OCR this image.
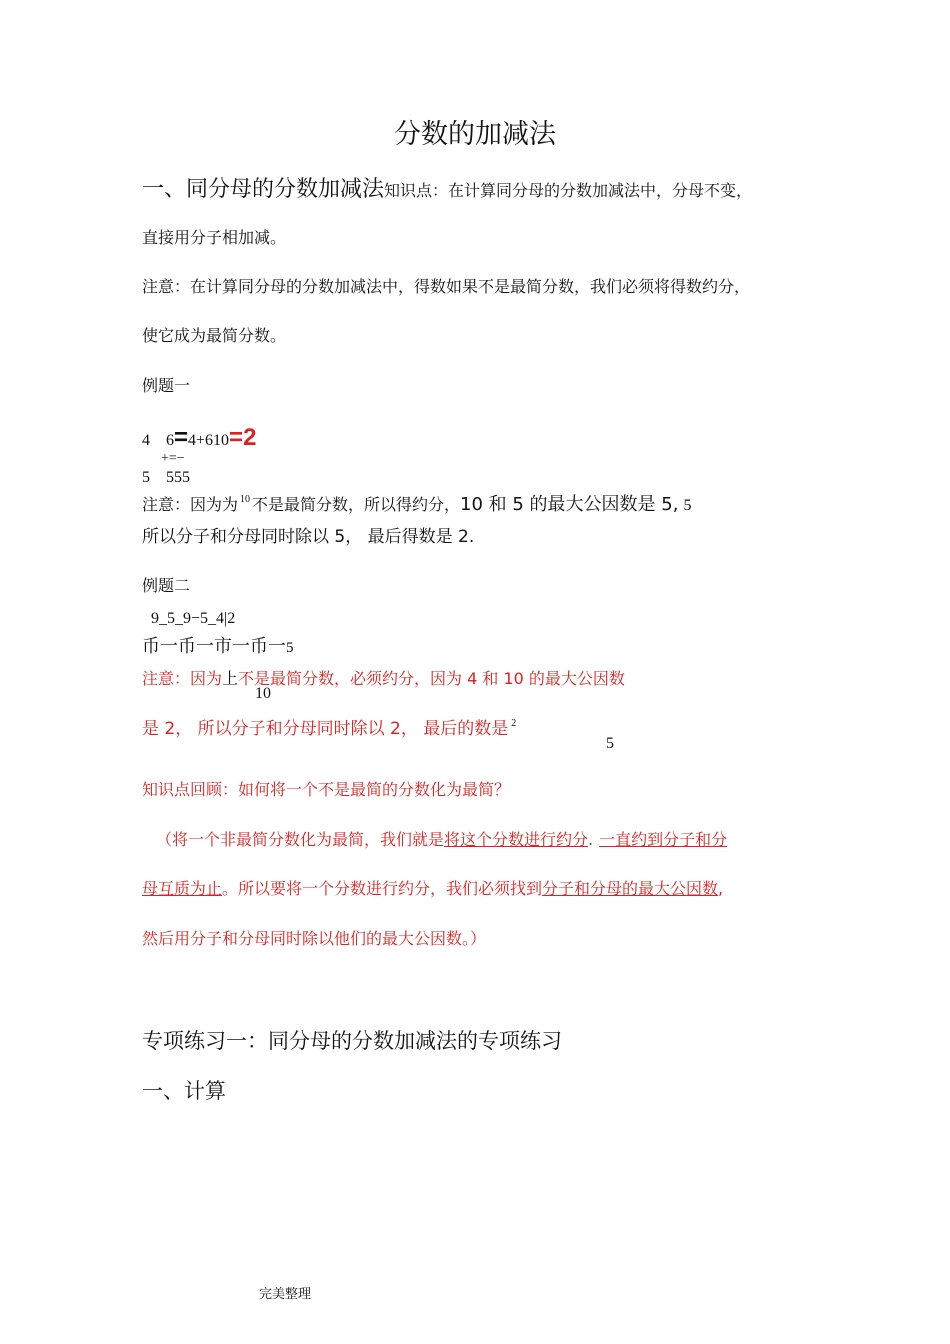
分数的加减法
一、同分母的分数加减法知识点：在计算同分母的分数加减法中，分母不变，
直接用分子相加减。
注意：在计算同分母的分数加减法中，得数如果不是最简分数，我们必须将得数约分，
使它成为最简分数。
例题一
4    6=4+610=2
+=−
5    555
注意：因为为 $^{10}$ 不是最简分数，所以得约分，10 和 5 的最大公因数是 5, 5
所以分子和分母同时除以 5， 最后得数是 2.
例题二
9_5_9−5_4|2
币一币一市一币一5
注意：因为上不是最简分数，必须约分，因为 4 和 10 的最大公因数
10
是 2， 所以分子和分母同时除以 2， 最后的数是 $^2$
5
知识点回顾：如何将一个不是最简的分数化为最简？
（将一个非最简分数化为最简，我们就是将这个分数进行约分. 一直约到分子和分
母互质为止。所以要将一个分数进行约分，我们必须找到分子和分母的最大公因数,
然后用分子和分母同时除以他们的最大公因数。）
专项练习一：同分母的分数加减法的专项练习
一、计算
完美整理
